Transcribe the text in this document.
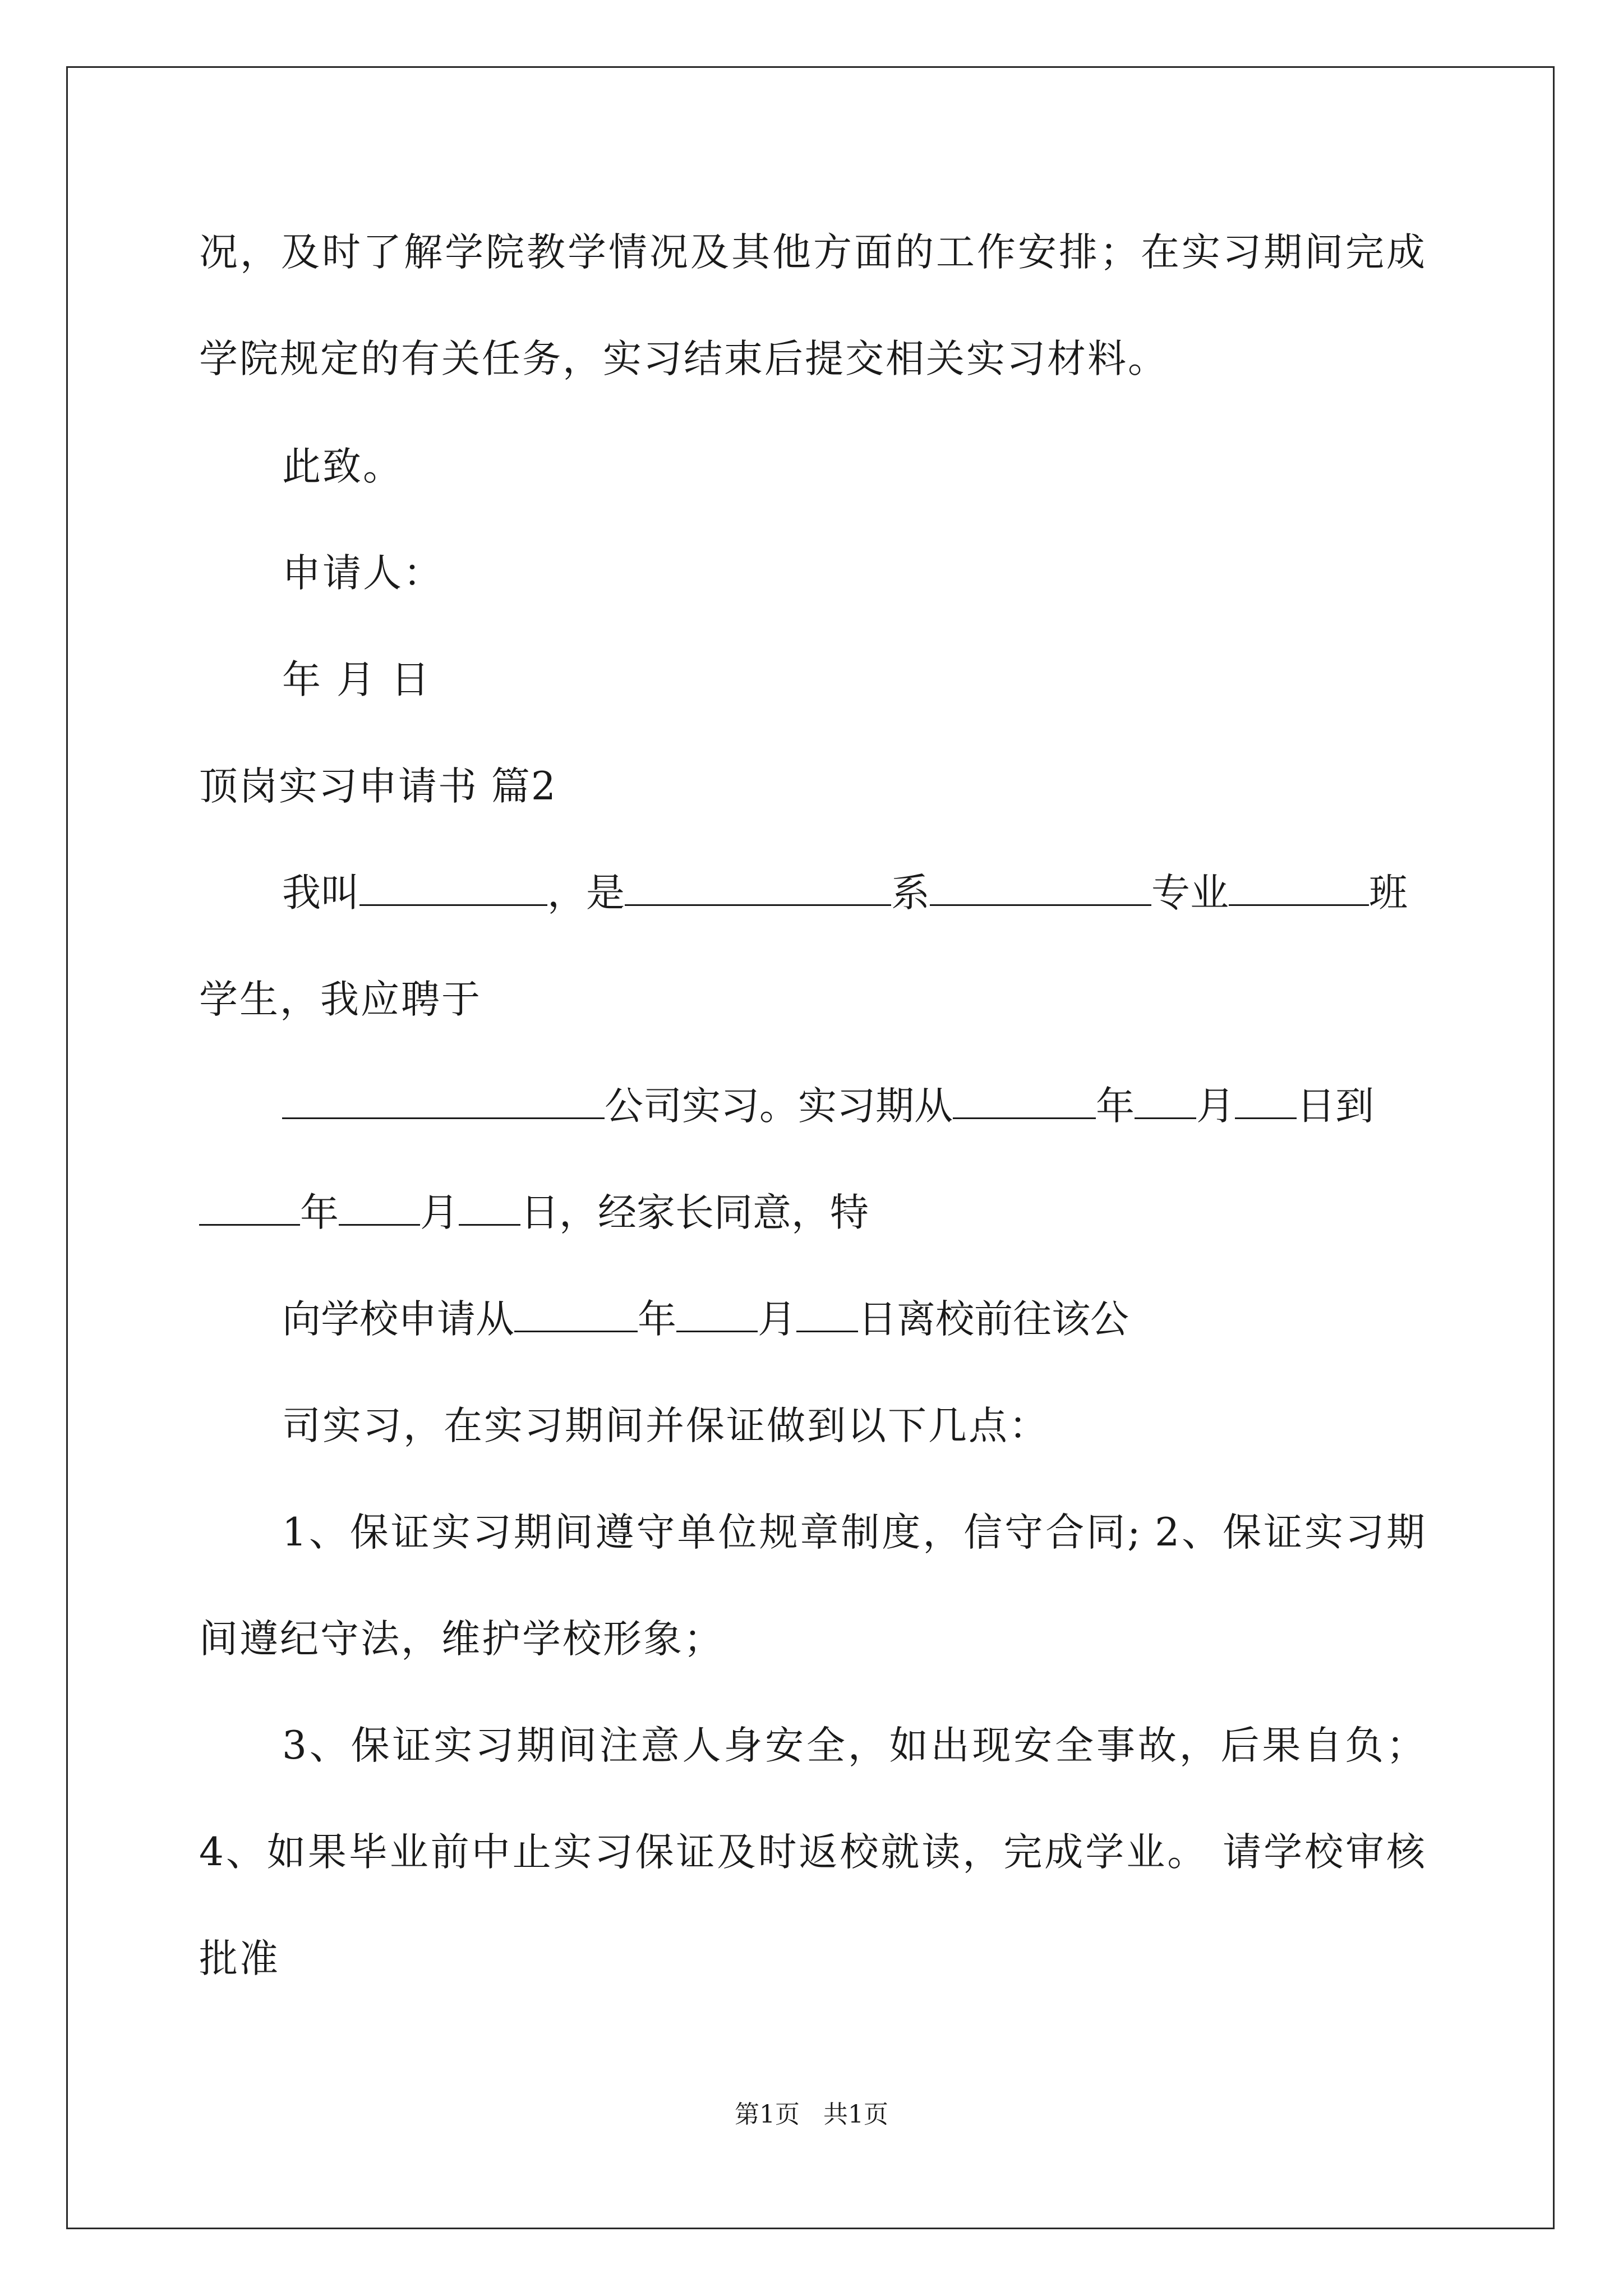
况，及时了解学院教学情况及其他方面的工作安排；在实习期间完成
学院规定的有关任务，实习结束后提交相关实习材料。
此致。
申请人：
年 月 日
顶岗实习申请书 篇2
我叫	，是	系	专业	班
学生，我应聘于
公司实习。实习期从	年 月 日到
年 月 日，经家长同意，特
向学校申请从	年 月 日离校前往该公
司实习，在实习期间并保证做到以下几点：
1、保证实习期间遵守单位规章制度，信守合同; 2、保证实习期
间遵纪守法，维护学校形象；
3、保证实习期间注意人身安全，如出现安全事故，后果自负；
4、如果毕业前中止实习保证及时返校就读，完成学业。 请学校审核
批准
第1页   共1页
